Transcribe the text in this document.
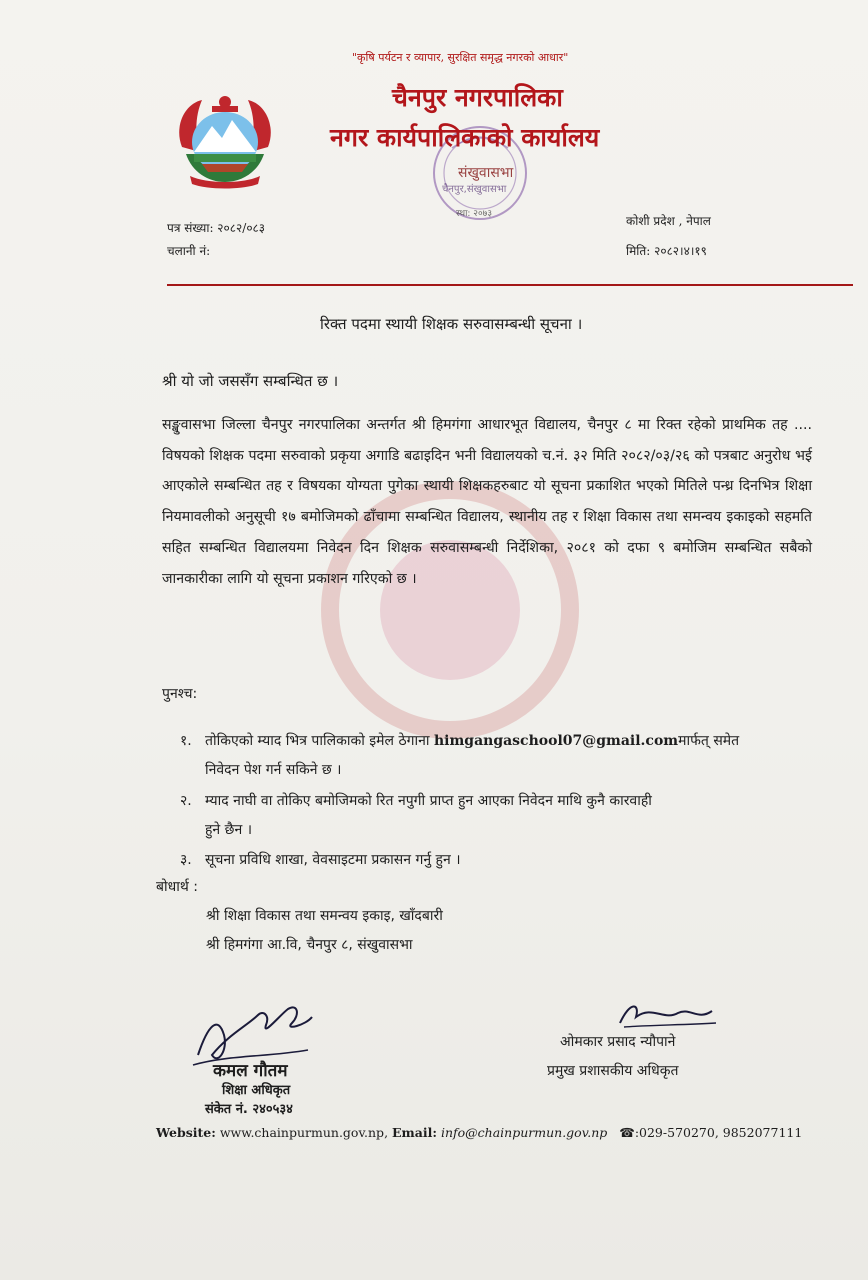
चैनपुर,संखुवासभा
स्था: २०७३
"कृषि पर्यटन र व्यापार, सुरक्षित समृद्ध नगरको आधार"
चैनपुर नगरपालिका
नगर कार्यपालिकाको कार्यालय
संखुवासभा
पत्र संख्या: २०८२/०८३
चलानी नं:
कोशी प्रदेश , नेपाल
मिति: २०८२।४।१९
रिक्त पदमा स्थायी शिक्षक सरुवासम्बन्धी सूचना ।
श्री यो जो जससँग सम्बन्धित छ ।
सङ्खुवासभा जिल्ला चैनपुर नगरपालिका अन्तर्गत श्री हिमगंगा आधारभूत विद्यालय, चैनपुर ८ मा रिक्त रहेको प्राथमिक तह .... विषयको शिक्षक पदमा सरुवाको प्रकृया अगाडि बढाइदिन भनी विद्यालयको च.नं. ३२ मिति २०८२/०३/२६ को पत्रबाट अनुरोध भई आएकोले सम्बन्धित तह र विषयका योग्यता पुगेका स्थायी शिक्षकहरुबाट यो सूचना प्रकाशित भएको मितिले पन्ध्र दिनभित्र शिक्षा नियमावलीको अनुसूची १७ बमोजिमको ढाँचामा सम्बन्धित विद्यालय, स्थानीय तह र शिक्षा विकास तथा समन्वय इकाइको सहमति सहित सम्बन्धित विद्यालयमा निवेदन दिन शिक्षक सरुवासम्बन्धी निर्देशिका, २०८१ को दफा ९ बमोजिम सम्बन्धित सबैको जानकारीका लागि यो सूचना प्रकाशन गरिएको छ ।
पुनश्च:
१. तोकिएको म्याद भित्र पालिकाको इमेल ठेगाना himgangaschool07@gmail.comमार्फत् समेत
निवेदन पेश गर्न सकिने छ ।
२. म्याद नाघी वा तोकिए बमोजिमको रित नपुगी प्राप्त हुन आएका निवेदन माथि कुनै कारवाही
हुने छैन ।
३. सूचना प्रविधि शाखा, वेवसाइटमा प्रकासन गर्नु हुन ।
बोधार्थ :
श्री शिक्षा विकास तथा समन्वय इकाइ, खाँदबारी
श्री हिमगंगा आ.वि, चैनपुर ८, संखुवासभा
कमल गौतम
शिक्षा अधिकृत
संकेत नं. २४०५३४
ओमकार प्रसाद न्यौपाने
प्रमुख प्रशासकीय अधिकृत
Website: www.chainpurmun.gov.np, Email: info@chainpurmun.gov.np ☎:029-570270, 9852077111
